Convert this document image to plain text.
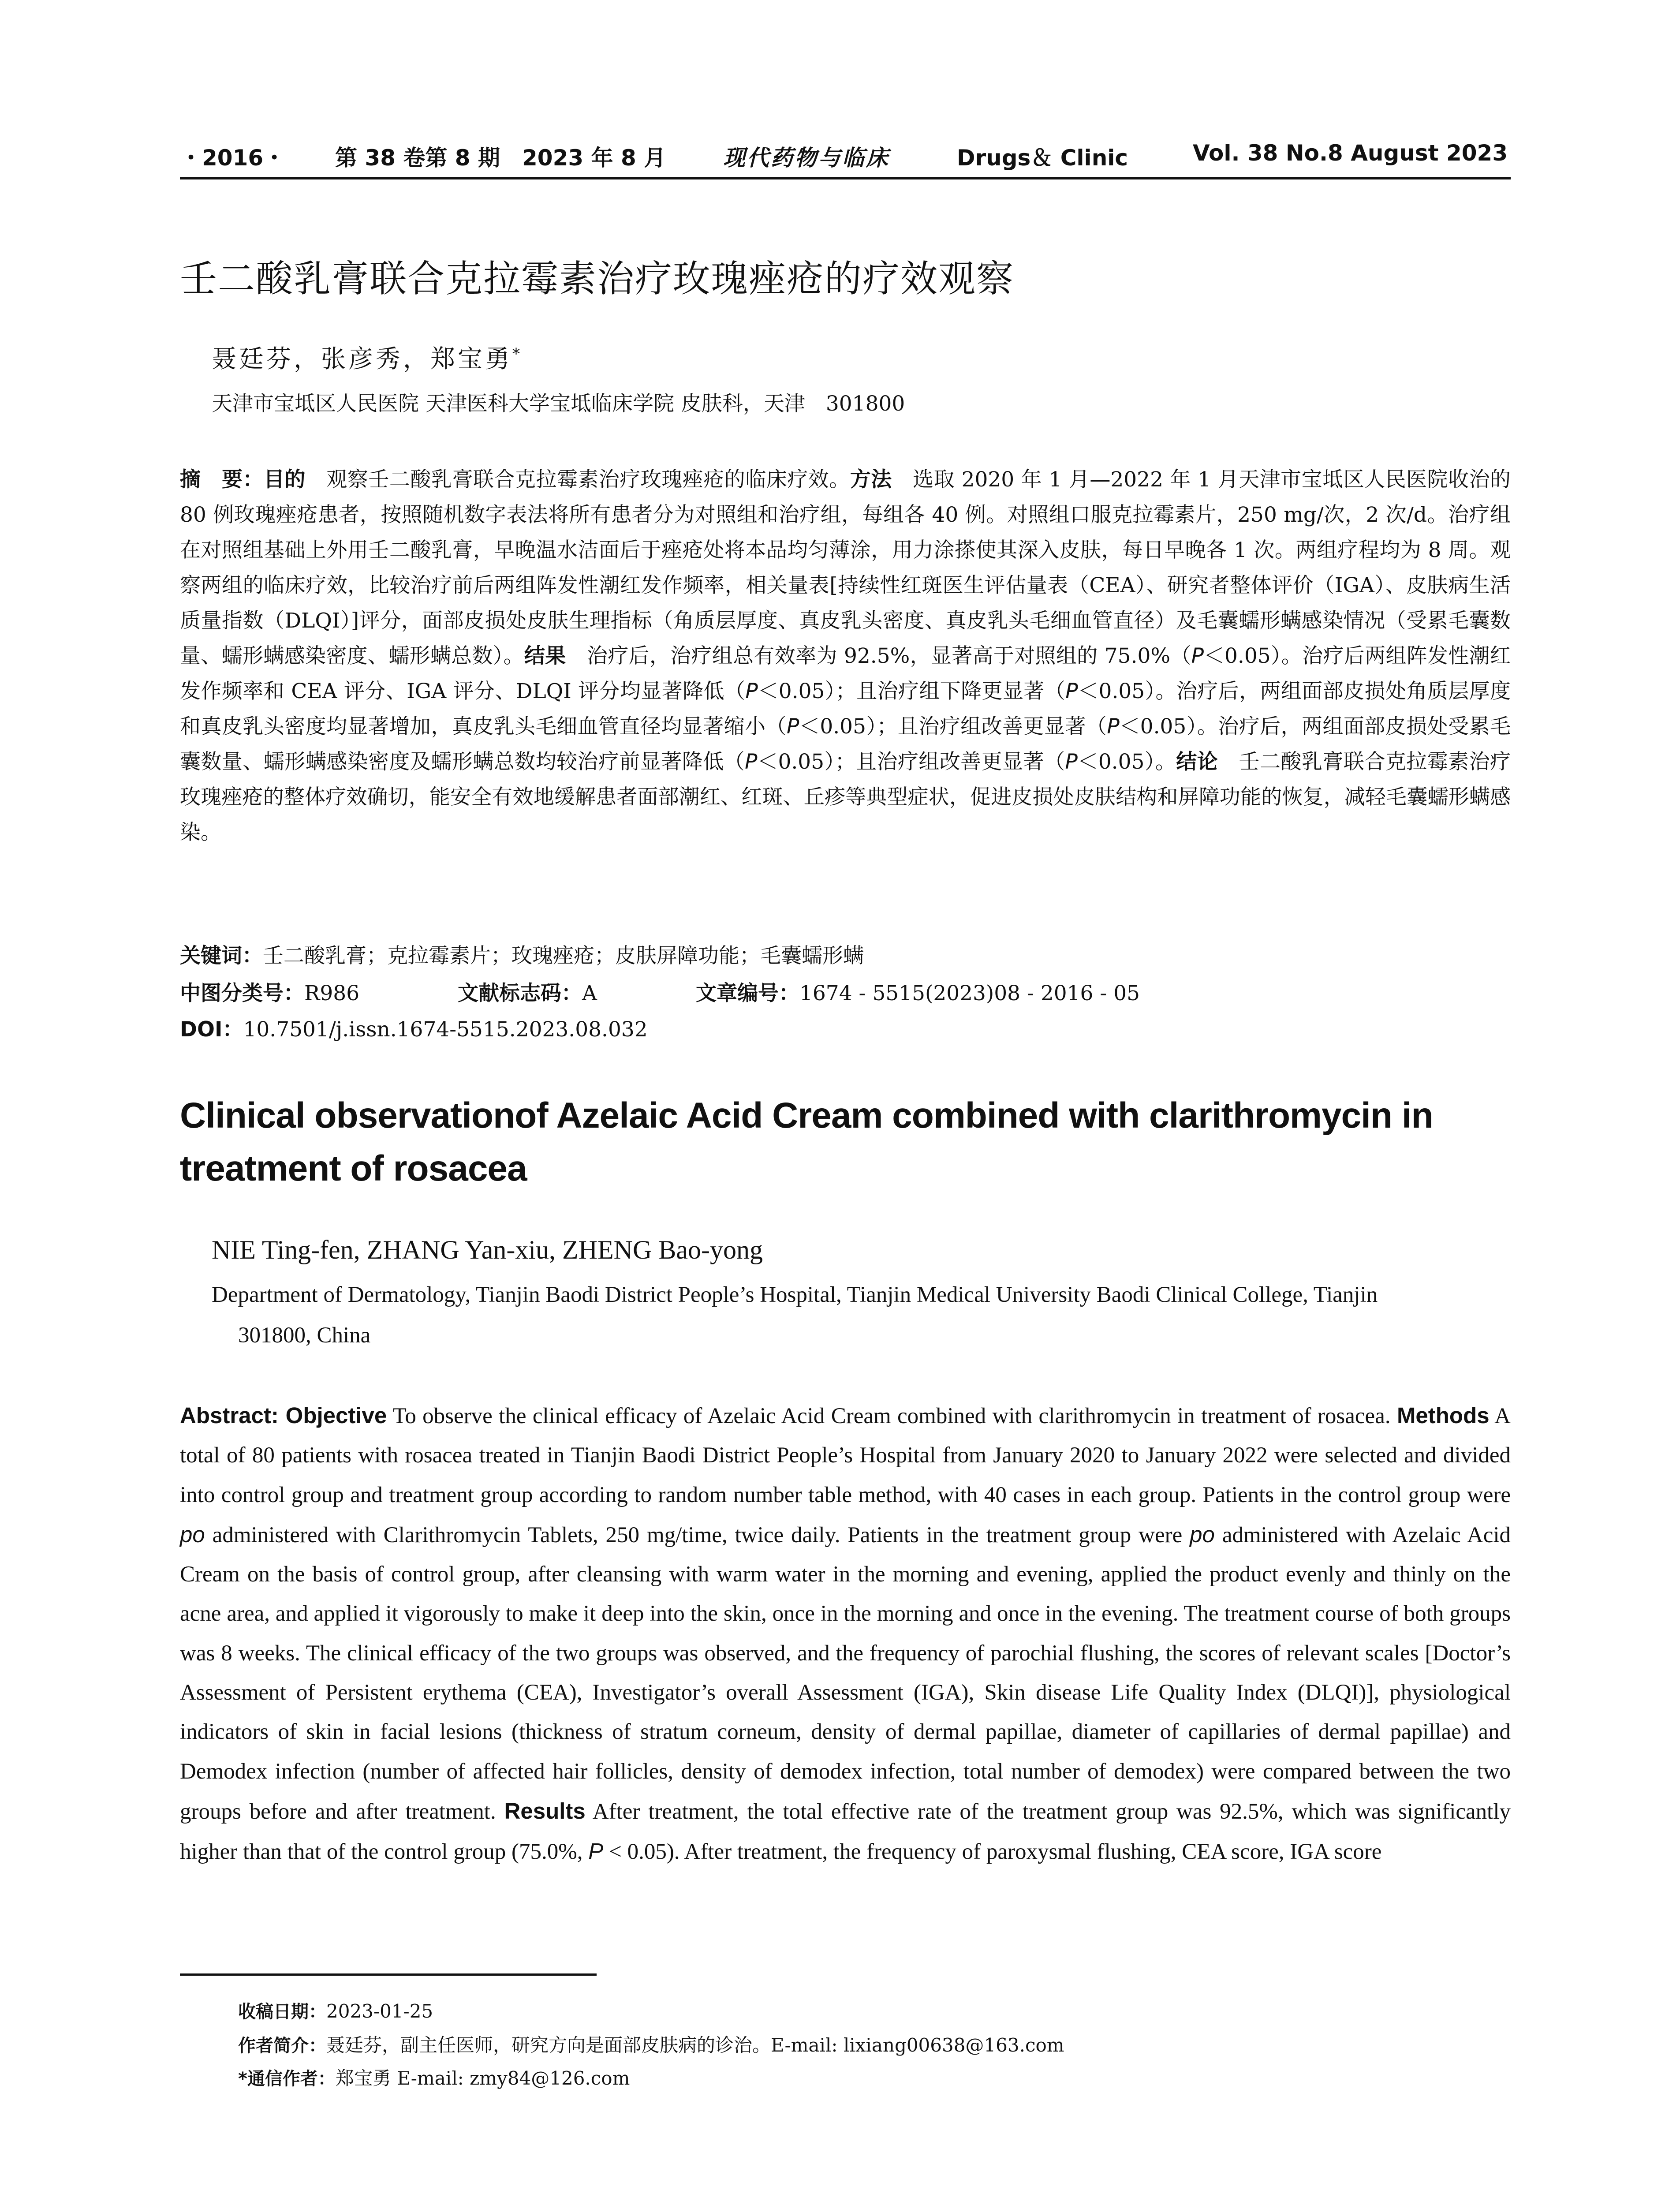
・2016・ 第 38 卷第 8 期　2023 年 8 月	现代药物与临床	Drugs＆ Clinic	Vol. 38 No.8 August 2023
壬二酸乳膏联合克拉霉素治疗玫瑰痤疮的疗效观察
聂廷芬，张彦秀，郑宝勇*
天津市宝坻区人民医院 天津医科大学宝坻临床学院 皮肤科，天津　301800
摘　要：目的　观察壬二酸乳膏联合克拉霉素治疗玫瑰痤疮的临床疗效。方法　选取 2020 年 1 月—2022 年 1 月天津市宝坻区人民医院收治的 80 例玫瑰痤疮患者，按照随机数字表法将所有患者分为对照组和治疗组，每组各 40 例。对照组口服克拉霉素片，250 mg/次，2 次/d。治疗组在对照组基础上外用壬二酸乳膏，早晚温水洁面后于痤疮处将本品均匀薄涂，用力涂搽使其深入皮肤，每日早晚各 1 次。两组疗程均为 8 周。观察两组的临床疗效，比较治疗前后两组阵发性潮红发作频率，相关量表[持续性红斑医生评估量表（CEA）、研究者整体评价（IGA）、皮肤病生活质量指数（DLQI）]评分，面部皮损处皮肤生理指标（角质层厚度、真皮乳头密度、真皮乳头毛细血管直径）及毛囊蠕形螨感染情况（受累毛囊数量、蠕形螨感染密度、蠕形螨总数）。结果　治疗后，治疗组总有效率为 92.5%，显著高于对照组的 75.0%（P＜0.05）。治疗后两组阵发性潮红发作频率和 CEA 评分、IGA 评分、DLQI 评分均显著降低（P＜0.05）；且治疗组下降更显著（P＜0.05）。治疗后，两组面部皮损处角质层厚度和真皮乳头密度均显著增加，真皮乳头毛细血管直径均显著缩小（P＜0.05）；且治疗组改善更显著（P＜0.05）。治疗后，两组面部皮损处受累毛囊数量、蠕形螨感染密度及蠕形螨总数均较治疗前显著降低（P＜0.05）；且治疗组改善更显著（P＜0.05）。结论　壬二酸乳膏联合克拉霉素治疗玫瑰痤疮的整体疗效确切，能安全有效地缓解患者面部潮红、红斑、丘疹等典型症状，促进皮损处皮肤结构和屏障功能的恢复，减轻毛囊蠕形螨感染。
关键词：壬二酸乳膏；克拉霉素片；玫瑰痤疮；皮肤屏障功能；毛囊蠕形螨
中图分类号：R986	文献标志码：A	文章编号：1674 - 5515(2023)08 - 2016 - 05
DOI：10.7501/j.issn.1674-5515.2023.08.032
Clinical observationof Azelaic Acid Cream combined with clarithromycin in
treatment of rosacea
NIE Ting-fen, ZHANG Yan-xiu, ZHENG Bao-yong
Department of Dermatology, Tianjin Baodi District People’s Hospital, Tianjin Medical University Baodi Clinical College, Tianjin
301800, China
Abstract: Objective To observe the clinical efficacy of Azelaic Acid Cream combined with clarithromycin in treatment of rosacea. Methods A total of 80 patients with rosacea treated in Tianjin Baodi District People’s Hospital from January 2020 to January 2022 were selected and divided into control group and treatment group according to random number table method, with 40 cases in each group. Patients in the control group were po administered with Clarithromycin Tablets, 250 mg/time, twice daily. Patients in the treatment group were po administered with Azelaic Acid Cream on the basis of control group, after cleansing with warm water in the morning and evening, applied the product evenly and thinly on the acne area, and applied it vigorously to make it deep into the skin, once in the morning and once in the evening. The treatment course of both groups was 8 weeks. The clinical efficacy of the two groups was observed, and the frequency of parochial flushing, the scores of relevant scales [Doctor’s Assessment of Persistent erythema (CEA), Investigator’s overall Assessment (IGA), Skin disease Life Quality Index (DLQI)], physiological indicators of skin in facial lesions (thickness of stratum corneum, density of dermal papillae, diameter of capillaries of dermal papillae) and Demodex infection (number of affected hair follicles, density of demodex infection, total number of demodex) were compared between the two groups before and after treatment. Results After treatment, the total effective rate of the treatment group was 92.5%, which was significantly higher than that of the control group (75.0%, P < 0.05). After treatment, the frequency of paroxysmal flushing, CEA score, IGA score
收稿日期：2023-01-25
作者简介：聂廷芬，副主任医师，研究方向是面部皮肤病的诊治。E-mail: lixiang00638@163.com
*通信作者：郑宝勇 E-mail: zmy84@126.com
